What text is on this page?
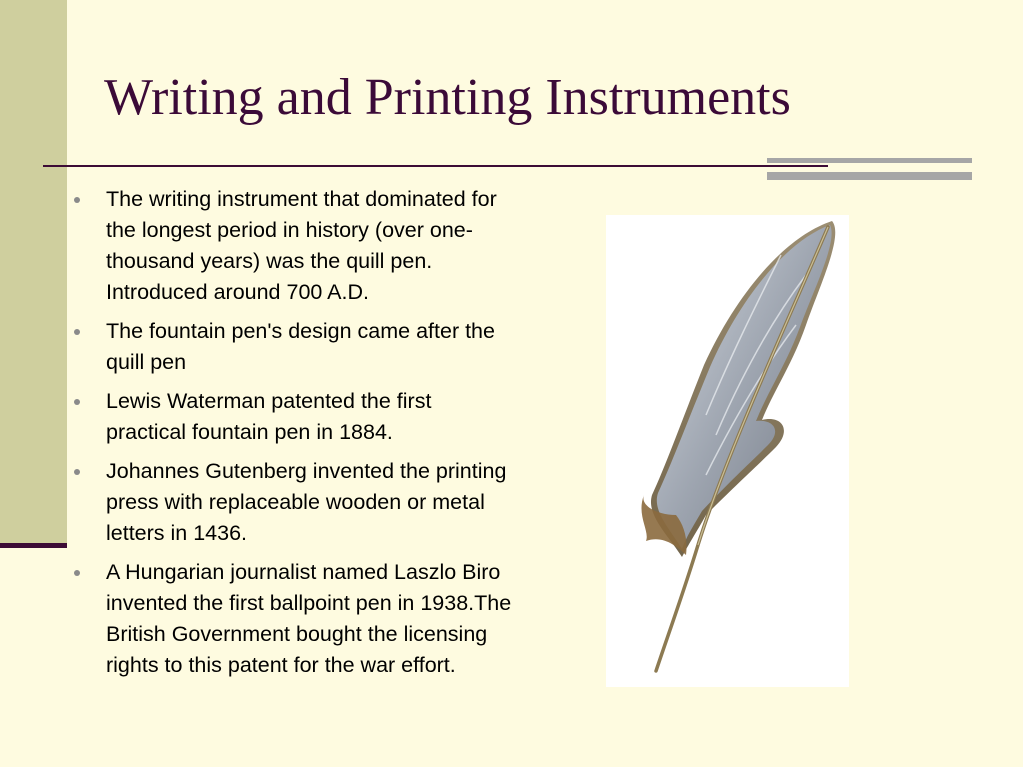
Writing and Printing Instruments
The writing instrument that dominated for the longest period in history (over one-thousand years) was the quill pen. Introduced around 700 A.D.
The fountain pen's design came after the quill pen
Lewis Waterman patented the first practical fountain pen in 1884.
Johannes Gutenberg invented the printing press with replaceable wooden or metal letters in 1436.
A Hungarian journalist named Laszlo Biro invented the first ballpoint pen in 1938.The British Government bought the licensing rights to this patent for the war effort.
